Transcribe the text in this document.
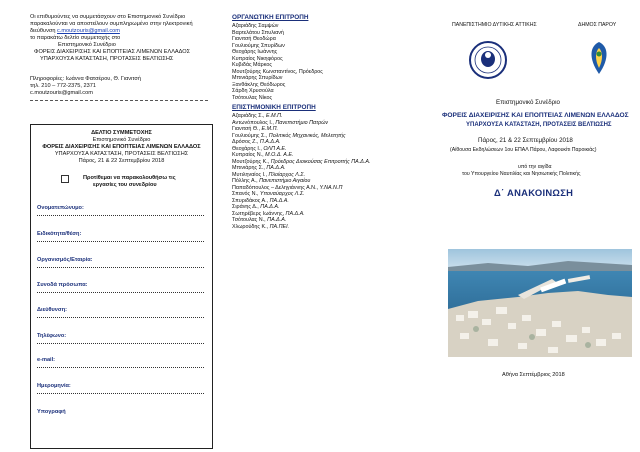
Οι επιθυμούντες να συμμετάσχουν στο Επιστημονικό Συνέδριο
παρακαλούνται να αποστείλουν συμπληρωμένο στην ηλεκτρονική
διεύθυνση c.moutzouris@gmail.com
το παρακάτω δελτίο συμμετοχής στο
Επιστημονικό Συνέδριο
ΦΟΡΕΙΣ ΔΙΑΧΕΙΡΙΣΗΣ ΚΑΙ ΕΠΟΠΤΕΙΑΣ ΛΙΜΕΝΩΝ ΕΛΛΑΔΟΣ
ΥΠΑΡΧΟΥΣΑ ΚΑΤΑΣΤΑΣΗ, ΠΡΟΤΑΣΕΙΣ ΒΕΛΤΙΩΣΗΣ
Πληροφορίες: Ιωάννα Φατσέρου, Θ. Γιανιτσή
τηλ. 210 – 772-2375, 2371
c.moutzouris@gmail.com
ΔΕΛΤΙΟ ΣΥΜΜΕΤΟΧΗΣ
Επιστημονικό Συνέδριο
ΦΟΡΕΙΣ ΔΙΑΧΕΙΡΙΣΗΣ ΚΑΙ ΕΠΟΠΤΕΙΑΣ ΛΙΜΕΝΩΝ ΕΛΛΑΔΟΣ
ΥΠΑΡΧΟΥΣΑ ΚΑΤΑΣΤΑΣΗ, ΠΡΟΤΑΣΕΙΣ ΒΕΛΤΙΩΣΗΣ
Πάρος, 21 & 22 Σεπτεμβρίου 2018
Προτίθεμαι να παρακολουθήσω τις
εργασίες του συνεδρίου
Ονοματεπώνυμο:
Ειδικότητα/θέση:
Οργανισμός/Εταιρία:
Συνοδά πρόσωπα:
Διεύθυνση:
Τηλέφωνο:
e-mail:
Ημερομηνία:
Υπογραφή
ΟΡΓΑΝΩΤΙΚΗ ΕΠΙΤΡΟΠΗ
Αζαριάδης Σαμψών
Βαρτελάτου Σπυλιανή
Γιανιτσή Θεοδώρα
Γουλιούμης Σπυρίδων
Θεοχάρης Ιωάννης
Κυπραίος Νικηφόρος
Κυβιδάς Μάρκος
Μουτζούρης Κωνσταντίνος, Πρόεδρος
Μπινιάρης Σπυρίδων
Ξανθάκλης Θεόδωρος
Σάρδη Χρυσούλα
Τσότουλας Νίκος
ΕΠΙΣΤΗΜΟΝΙΚΗ ΕΠΙΤΡΟΠΗ
Αζαριάδης Σ., Ε.Μ.Π.
Αντωνόπουλος Ι., Πανεπιστήμιο Πατρών
Γιανιτσή Θ., Ε.Μ.Π.
Γουλιούμης Σ., Πολιτικός Μηχανικός, Μελετητής
Δρόσος Ζ., Π.Α.Δ.Α.
Θεοχάρης Ι., ΟΛΠ Α.Ε.
Κυπραίος Ν., Μ.Ο.Δ. Α.Ε.
Μουτζούρης Κ., Πρόεδρος Διοικούσας Επιτροπής ΠΑ.Δ.Α.
Μπινιάρης Σ., ΠΑ.Δ.Α.
Μυτιληναίος Ι., Πλοίαρχος Λ.Σ.
Πόλλης Α., Πανεπιστήμιο Αιγαίου
Παπαδόπουλος – Δεληγιάννης Α.Ν., Υ.ΝΑ.Ν.Π
Σπανός Ν., Υποναύαρχος Λ.Σ.
Σπυριδάκος Α., ΠΑ.Δ.Α.
Σιράνης Δ., ΠΑ.Δ.Α.
Σωτηρέβερς Ιωάννης, ΠΑ.Δ.Α.
Τσότουλας Ν., ΠΑ.Δ.Α.
Χλωρούδης Κ., ΠΑ.ΠΕΙ.
ΠΑΝΕΠΙΣΤΗΜΙΟ ΔΥΤΙΚΗΣ ΑΤΤΙΚΗΣ	ΔΗΜΟΣ ΠΑΡΟΥ
Επιστημονικό Συνέδριο
ΦΟΡΕΙΣ ΔΙΑΧΕΙΡΙΣΗΣ ΚΑΙ ΕΠΟΠΤΕΙΑΣ ΛΙΜΕΝΩΝ ΕΛΛΑΔΟΣ
ΥΠΑΡΧΟΥΣΑ ΚΑΤΑΣΤΑΣΗ, ΠΡΟΤΑΣΕΙΣ ΒΕΛΤΙΩΣΗΣ
Πάρος, 21 & 22 Σεπτεμβρίου 2018
(Αίθουσα Εκδηλώσεων 1ου ΕΠΑΛ Πάρου, Λαφουκίτι Παροικιάς)
υπό την αιγίδα
του Υπουργείου Ναυτιλίας και Νησιωτικής Πολιτικής
Δ΄ ΑΝΑΚΟΙΝΩΣΗ
Αθήνα Σεπτέμβριος 2018
